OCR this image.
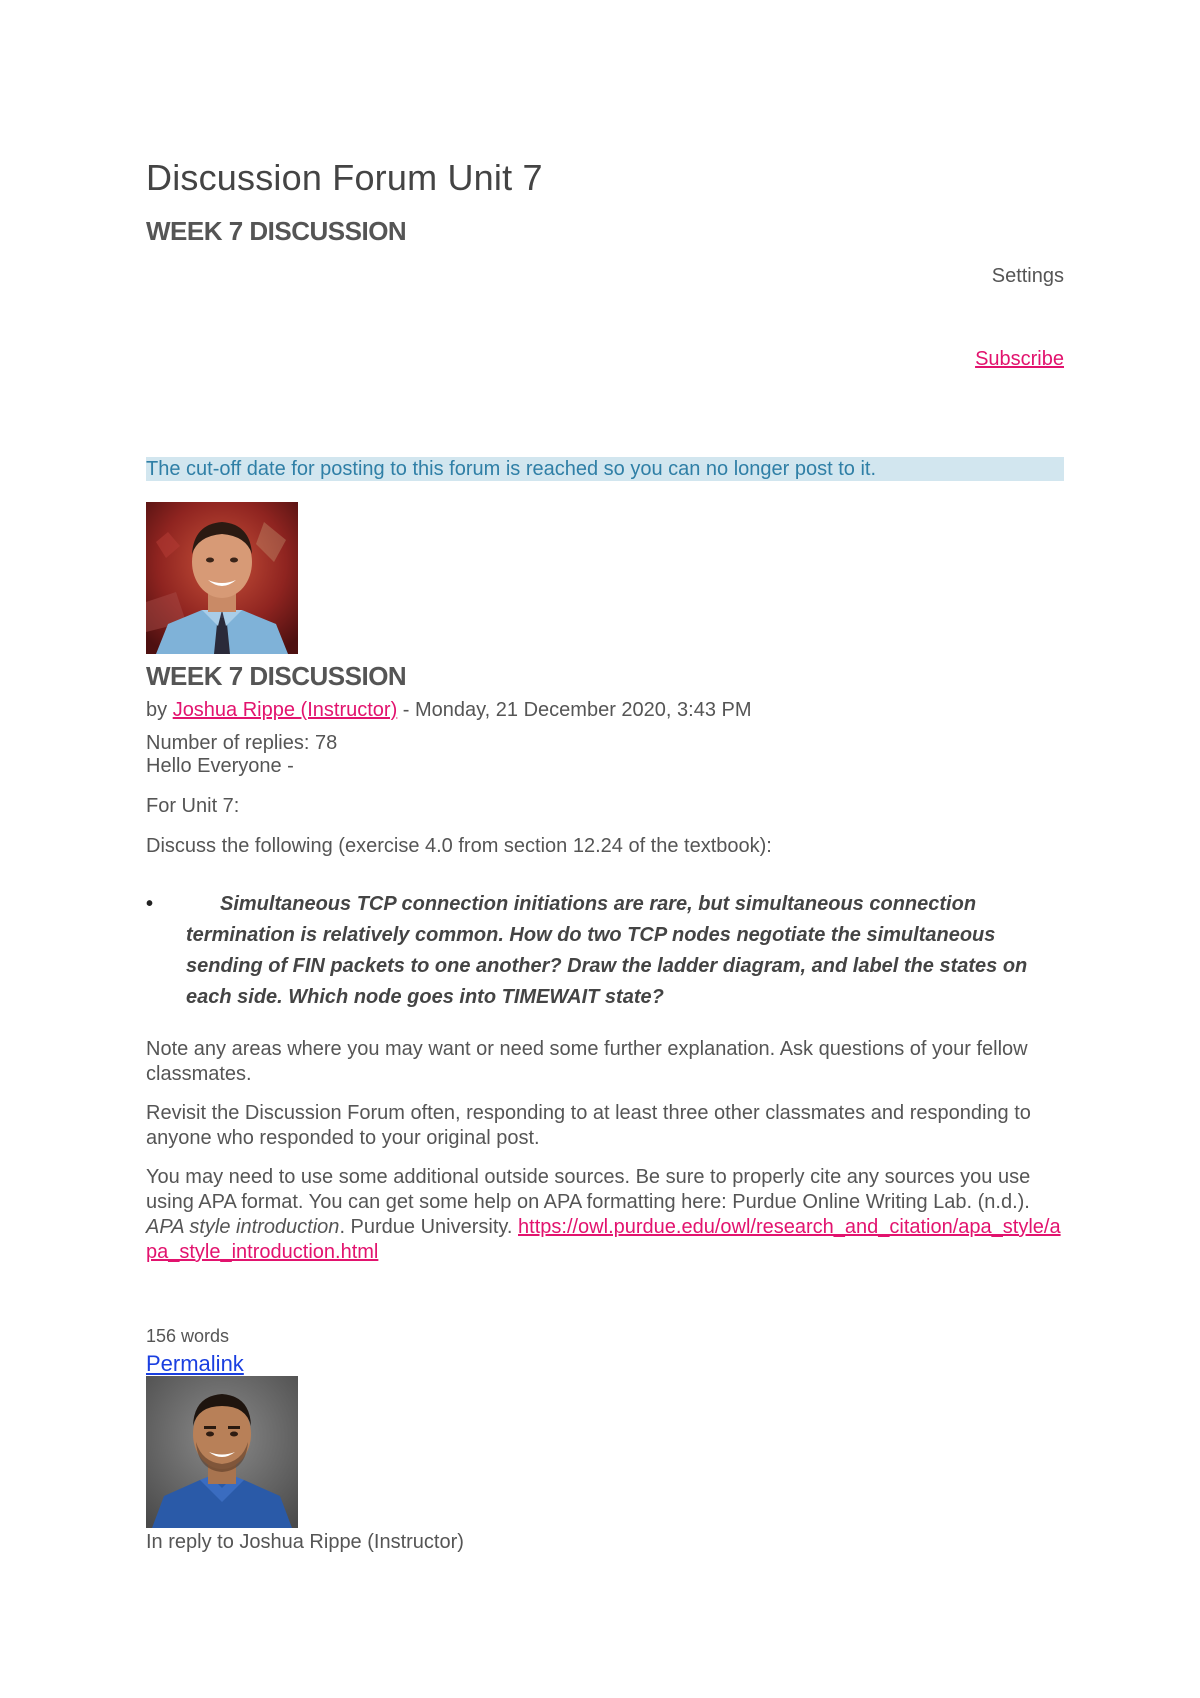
Discussion Forum Unit 7
WEEK 7 DISCUSSION
Settings
Subscribe
The cut-off date for posting to this forum is reached so you can no longer post to it.
WEEK 7 DISCUSSION
by Joshua Rippe (Instructor) - Monday, 21 December 2020, 3:43 PM
Number of replies: 78
Hello Everyone -
For Unit 7:
Discuss the following (exercise 4.0 from section 12.24 of the textbook):
•	Simultaneous TCP connection initiations are rare, but simultaneous connection termination is relatively common. How do two TCP nodes negotiate the simultaneous sending of FIN packets to one another? Draw the ladder diagram, and label the states on each side. Which node goes into TIMEWAIT state?
Note any areas where you may want or need some further explanation. Ask questions of your fellow classmates.
Revisit the Discussion Forum often, responding to at least three other classmates and responding to anyone who responded to your original post.
You may need to use some additional outside sources. Be sure to properly cite any sources you use using APA format. You can get some help on APA formatting here: Purdue Online Writing Lab. (n.d.). APA style introduction. Purdue University. https://owl.purdue.edu/owl/research_and_citation/apa_style/apa_style_introduction.html
156 words
Permalink
In reply to Joshua Rippe (Instructor)
